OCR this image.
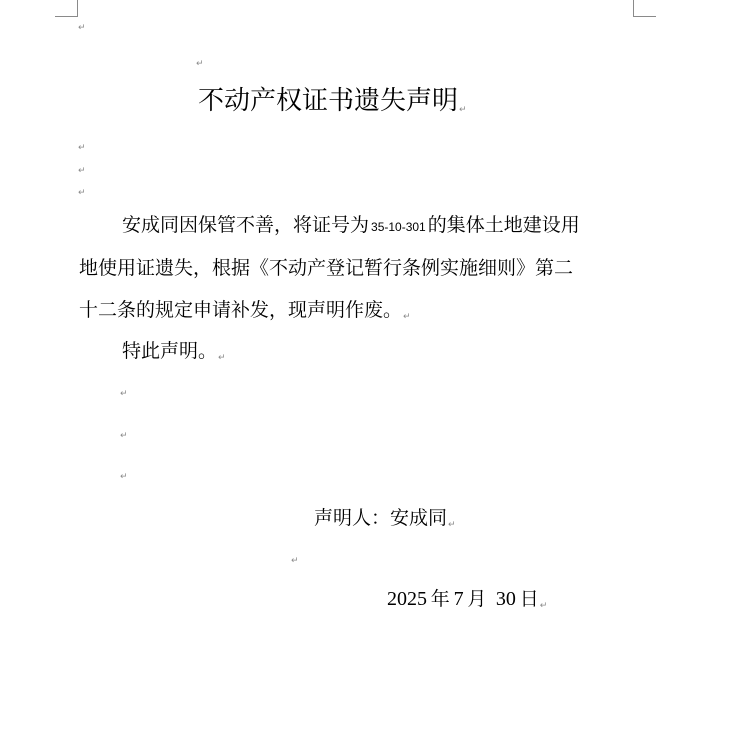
↵
↵
不动产权证书遗失声明↵
↵
↵
↵
安成同因保管不善，将证号为 35-10-301 的集体土地建设用
地使用证遗失，根据《不动产登记暂行条例实施细则》第二
十二条的规定申请补发，现声明作废。↵
特此声明。↵
↵
↵
↵
声明人：安成同↵
↵
2025  年  7  月  30  日↵
